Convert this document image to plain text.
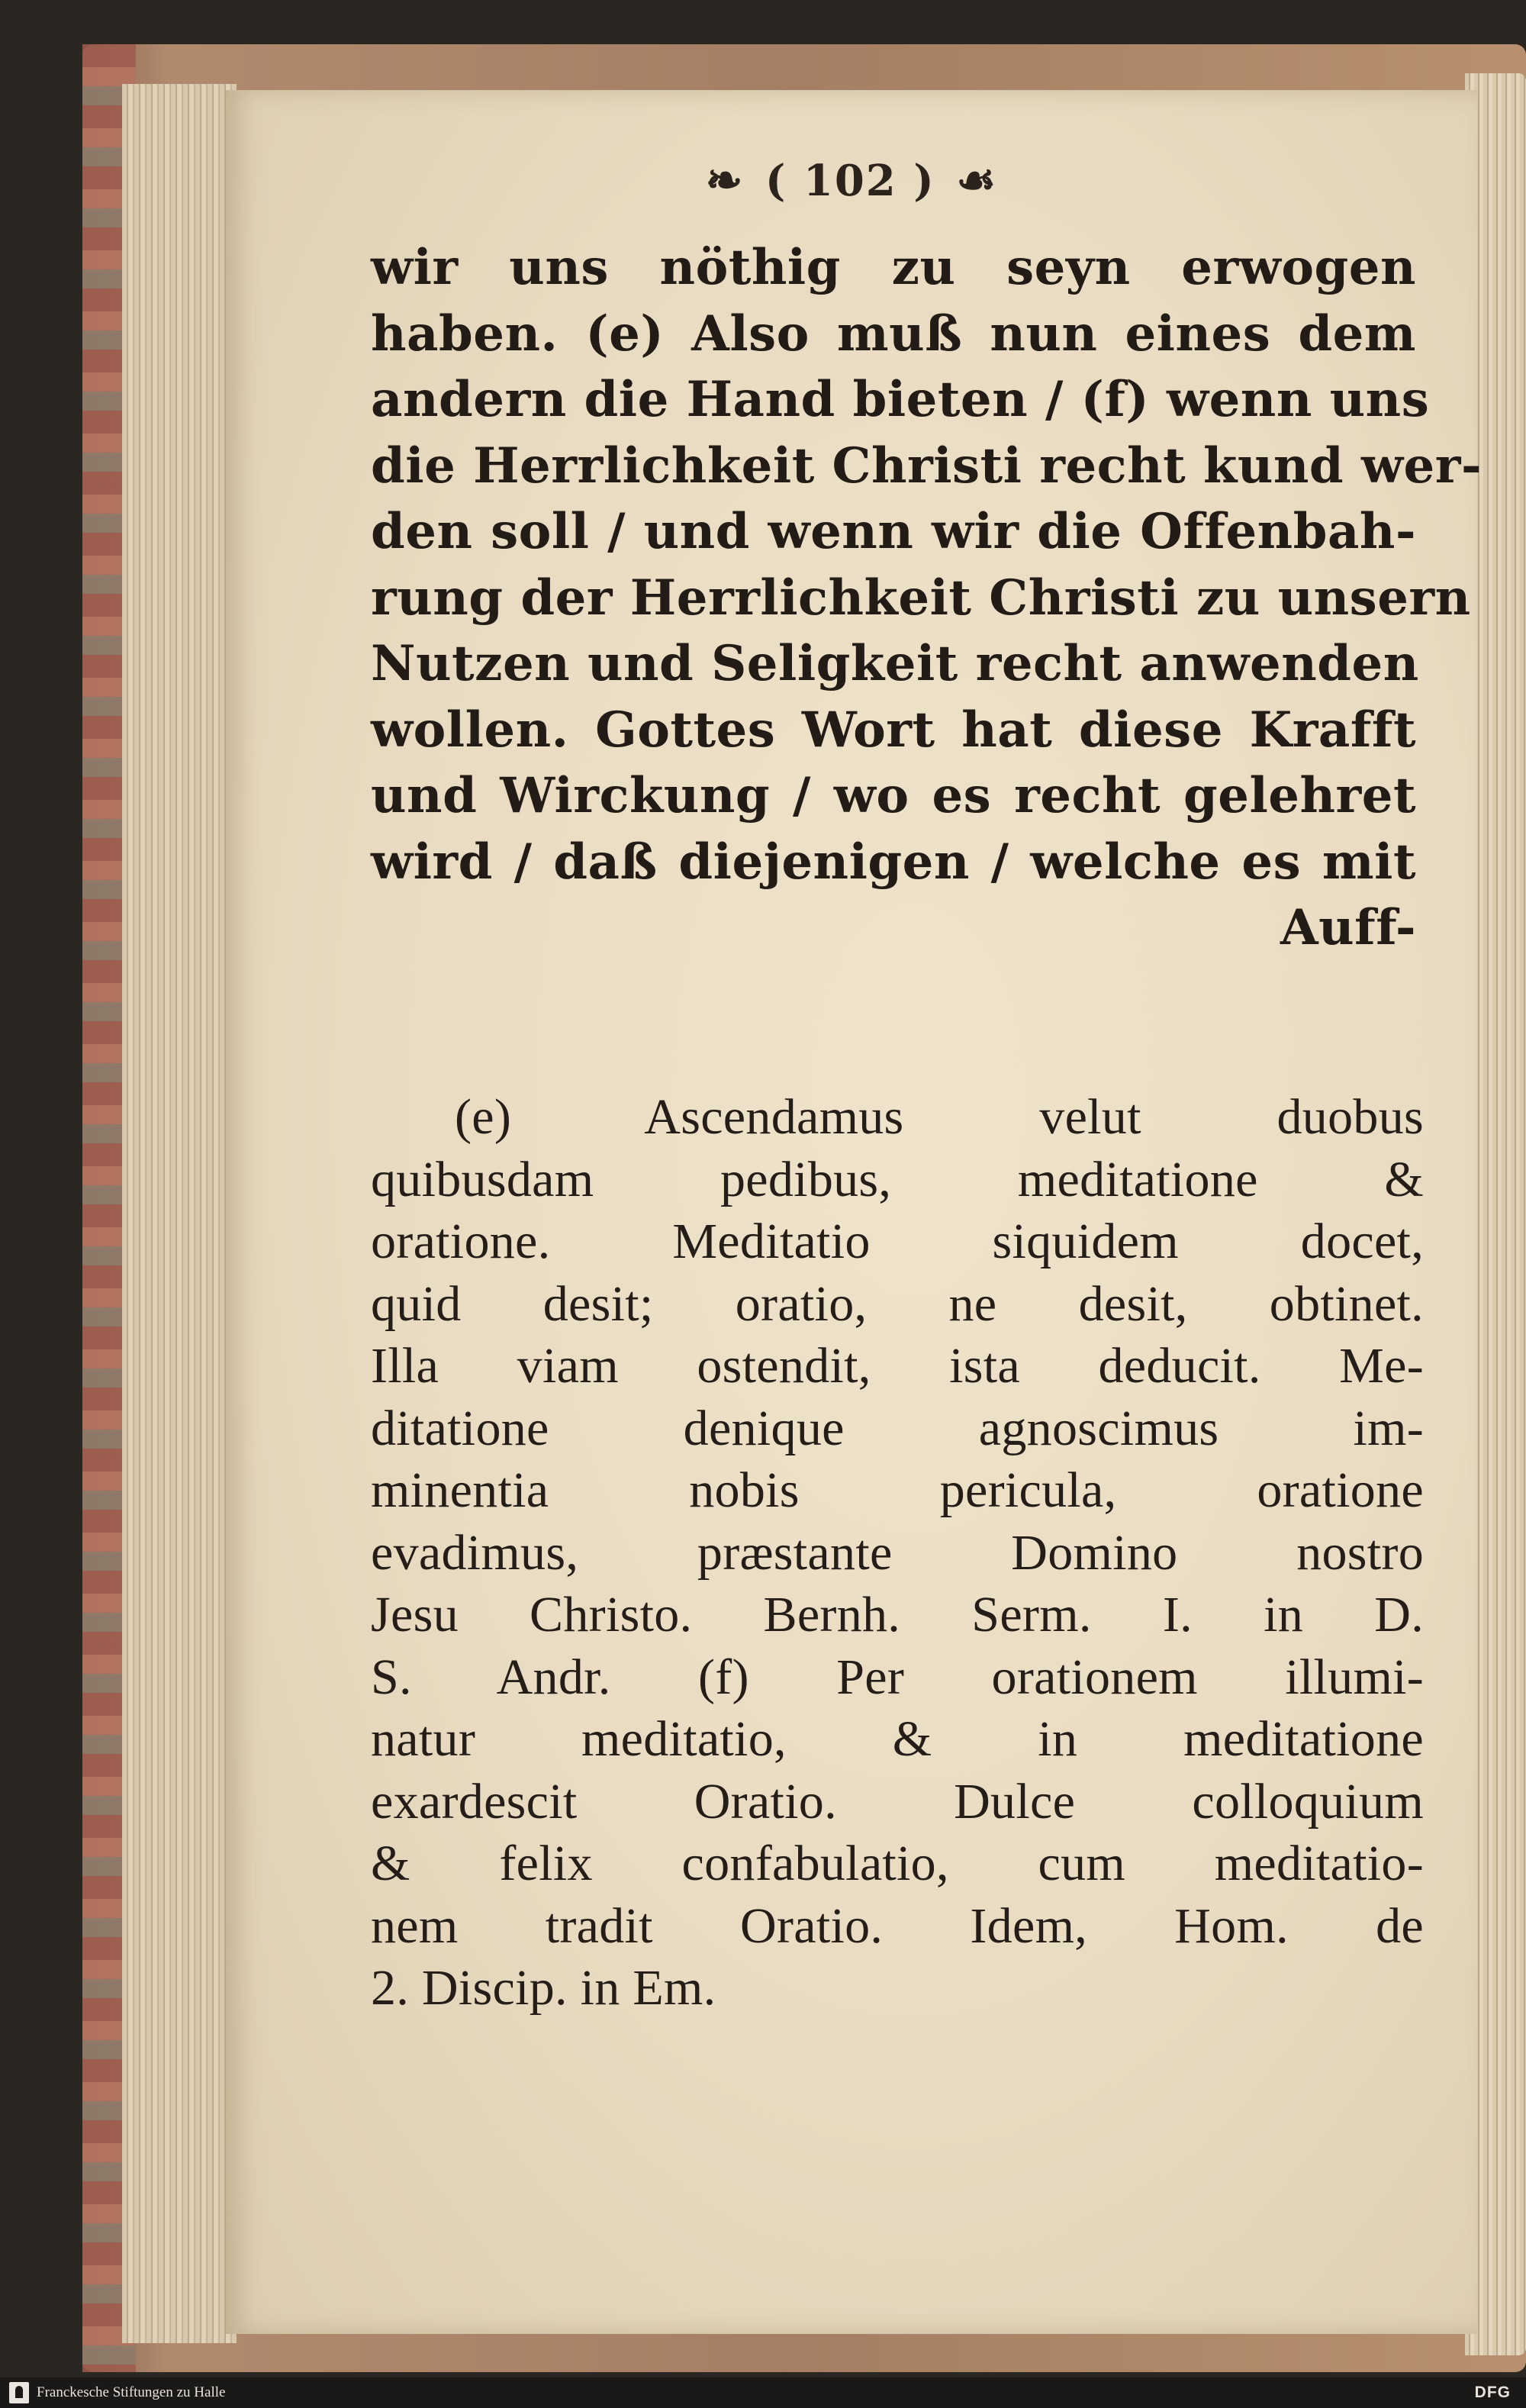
❧ ( 102 ) ☙
wir uns nöthig zu seyn erwogen
haben. (e) Also muß nun eines dem
andern die Hand bieten / (f) wenn uns
die Herrlichkeit Christi recht kund wer-
den soll / und wenn wir die Offenbah-
rung der Herrlichkeit Christi zu unsern
Nutzen und Seligkeit recht anwenden
wollen. Gottes Wort hat diese Krafft
und Wirckung / wo es recht gelehret
wird / daß diejenigen / welche es mit
Auff-
(e) Ascendamus velut duobus
quibusdam pedibus, meditatione &
oratione. Meditatio siquidem docet,
quid desit; oratio, ne desit, obtinet.
Illa viam ostendit, ista deducit. Me-
ditatione denique agnoscimus im-
minentia nobis pericula, oratione
evadimus, præstante Domino nostro
Jesu Christo. Bernh. Serm. I. in D.
S. Andr. (f) Per orationem illumi-
natur meditatio, & in meditatione
exardescit Oratio. Dulce colloquium
& felix confabulatio, cum meditatio-
nem tradit Oratio. Idem, Hom. de
2. Discip. in Em.
Franckesche Stiftungen zu Halle	DFG
